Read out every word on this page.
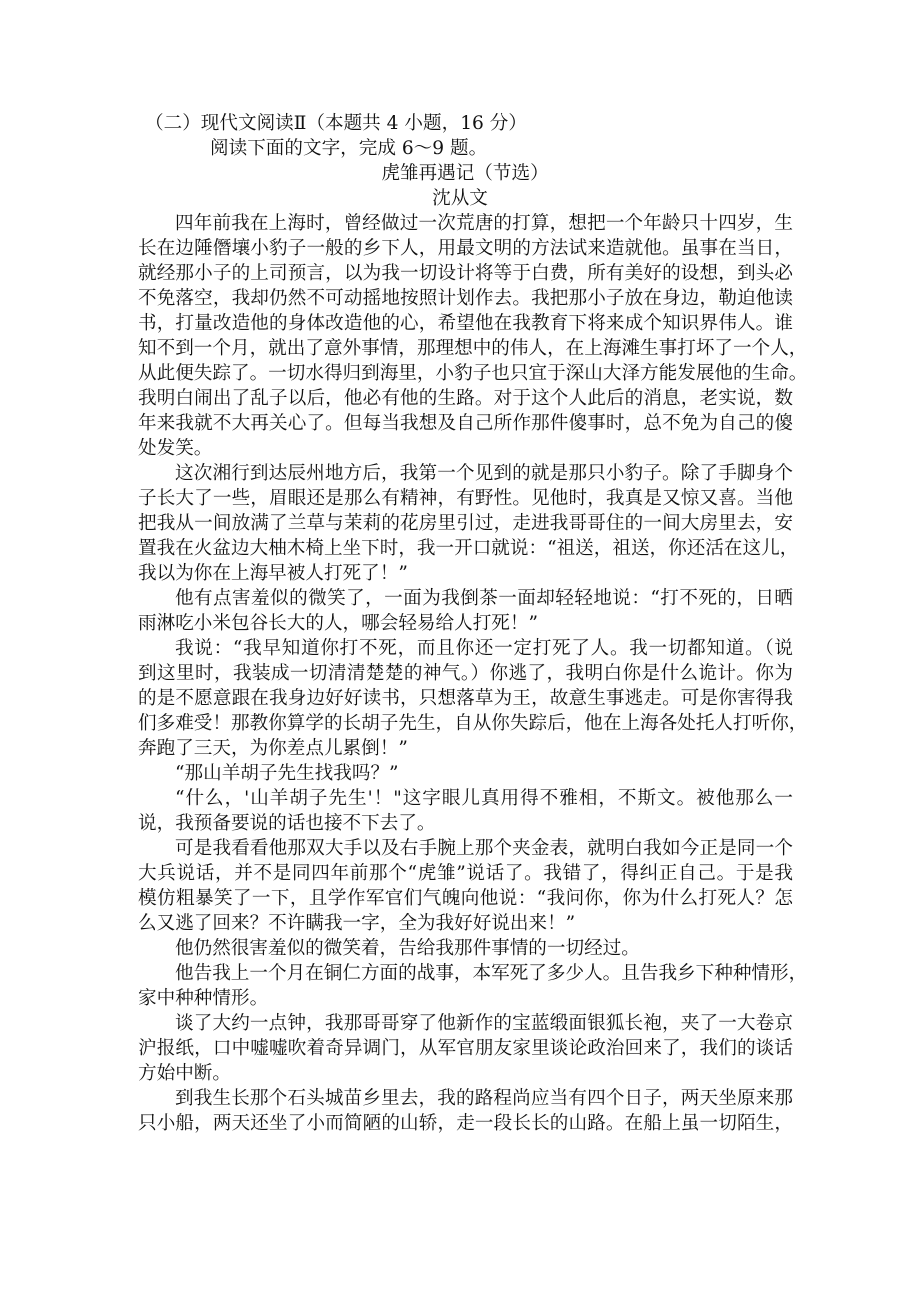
（二）现代文阅读Ⅱ（本题共 4 小题，16 分）
阅读下面的文字，完成 6～9 题。
虎雏再遇记（节选）
沈从文
四年前我在上海时，曾经做过一次荒唐的打算，想把一个年龄只十四岁，生
长在边陲僭壤小豹子一般的乡下人，用最文明的方法试来造就他。虽事在当日，
就经那小子的上司预言，以为我一切设计将等于白费，所有美好的设想，到头必
不免落空，我却仍然不可动摇地按照计划作去。我把那小子放在身边，勒迫他读
书，打量改造他的身体改造他的心，希望他在我教育下将来成个知识界伟人。谁
知不到一个月，就出了意外事情，那理想中的伟人，在上海滩生事打坏了一个人，
从此便失踪了。一切水得归到海里，小豹子也只宜于深山大泽方能发展他的生命。
我明白闹出了乱子以后，他必有他的生路。对于这个人此后的消息，老实说，数
年来我就不大再关心了。但每当我想及自己所作那件傻事时，总不免为自己的傻
处发笑。
这次湘行到达辰州地方后，我第一个见到的就是那只小豹子。除了手脚身个
子长大了一些，眉眼还是那么有精神，有野性。见他时，我真是又惊又喜。当他
把我从一间放满了兰草与茉莉的花房里引过，走进我哥哥住的一间大房里去，安
置我在火盆边大柚木椅上坐下时，我一开口就说：“祖送，祖送，你还活在这儿，
我以为你在上海早被人打死了！”
他有点害羞似的微笑了，一面为我倒茶一面却轻轻地说：“打不死的，日晒
雨淋吃小米包谷长大的人，哪会轻易给人打死！”
我说：“我早知道你打不死，而且你还一定打死了人。我一切都知道。（说
到这里时，我装成一切清清楚楚的神气。）你逃了，我明白你是什么诡计。你为
的是不愿意跟在我身边好好读书，只想落草为王，故意生事逃走。可是你害得我
们多难受！那教你算学的长胡子先生，自从你失踪后，他在上海各处托人打听你，
奔跑了三天，为你差点儿累倒！”
“那山羊胡子先生找我吗？”
“什么，'山羊胡子先生'！"这字眼儿真用得不雅相，不斯文。被他那么一
说，我预备要说的话也接不下去了。
可是我看看他那双大手以及右手腕上那个夹金表，就明白我如今正是同一个
大兵说话，并不是同四年前那个“虎雏”说话了。我错了，得纠正自己。于是我
模仿粗暴笑了一下，且学作军官们气魄向他说：“我问你，你为什么打死人？怎
么又逃了回来？不许瞒我一字，全为我好好说出来！”
他仍然很害羞似的微笑着，告给我那件事情的一切经过。
他告我上一个月在铜仁方面的战事，本军死了多少人。且告我乡下种种情形，
家中种种情形。
谈了大约一点钟，我那哥哥穿了他新作的宝蓝缎面银狐长袍，夹了一大卷京
沪报纸，口中嘘嘘吹着奇异调门，从军官朋友家里谈论政治回来了，我们的谈话
方始中断。
到我生长那个石头城苗乡里去，我的路程尚应当有四个日子，两天坐原来那
只小船，两天还坐了小而简陋的山轿，走一段长长的山路。在船上虽一切陌生，
